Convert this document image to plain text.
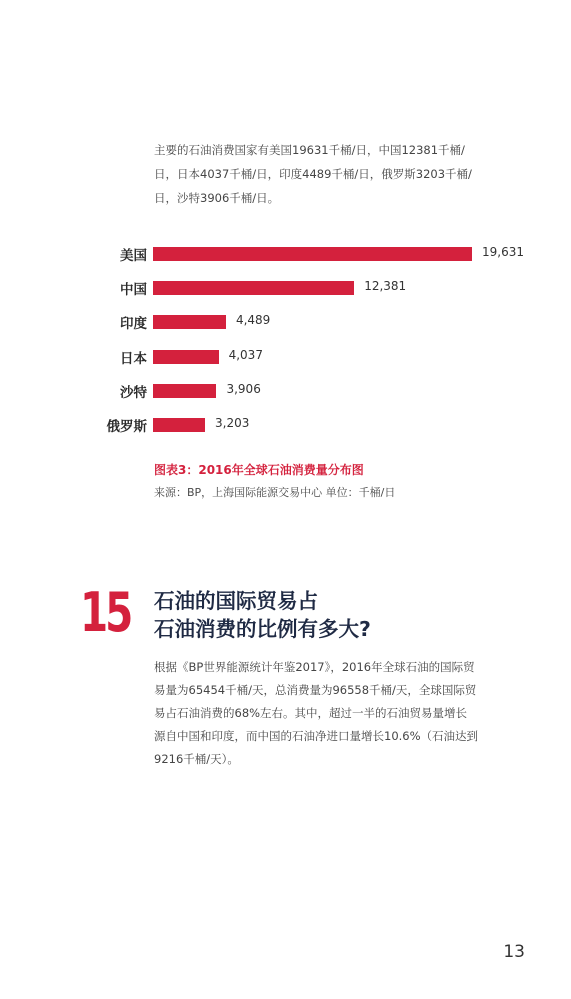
主要的石油消费国家有美国19631千桶/日，中国12381千桶/
日，日本4037千桶/日，印度4489千桶/日，俄罗斯3203千桶/
日，沙特3906千桶/日。
美国	19,631
中国	12,381
印度	4,489
日本	4,037
沙特	3,906
俄罗斯	3,203
图表3：2016年全球石油消费量分布图
来源：BP，上海国际能源交易中心 单位：千桶/日
15 石油的国际贸易占
石油消费的比例有多大?
根据《BP世界能源统计年鉴2017》，2016年全球石油的国际贸
易量为65454千桶/天，总消费量为96558千桶/天，全球国际贸
易占石油消费的68%左右。其中，超过一半的石油贸易量增长
源自中国和印度，而中国的石油净进口量增长10.6%（石油达到
9216千桶/天）。
13
